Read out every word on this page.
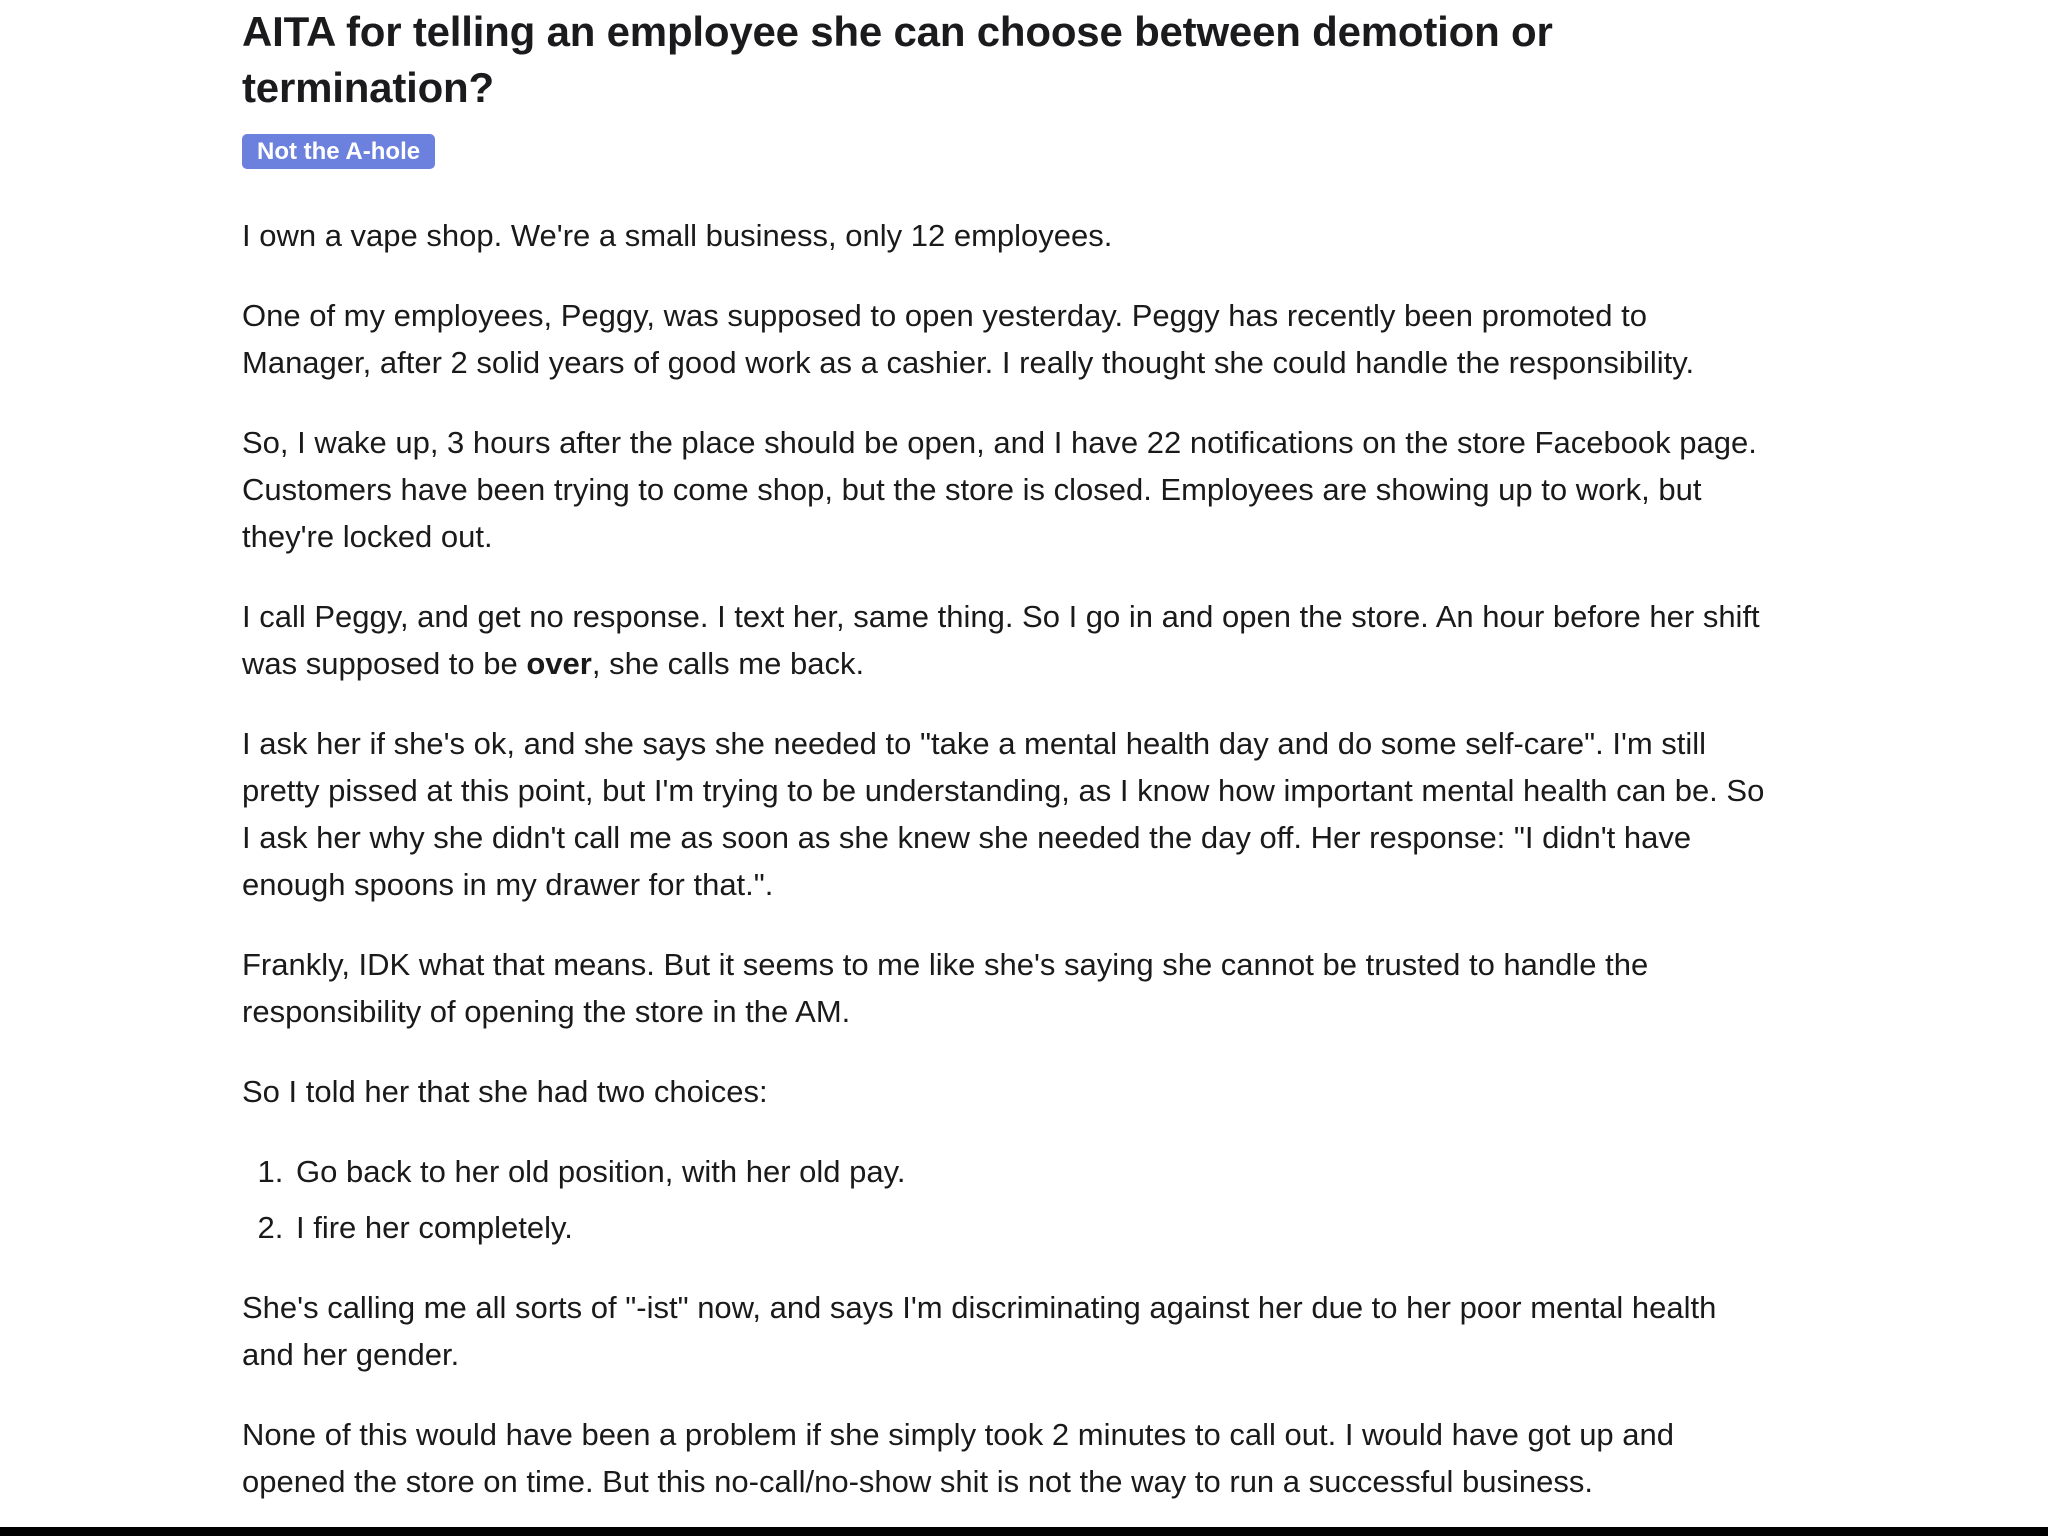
AITA for telling an employee she can choose between demotion or termination?
Not the A-hole

I own a vape shop. We're a small business, only 12 employees.

One of my employees, Peggy, was supposed to open yesterday. Peggy has recently been promoted to Manager, after 2 solid years of good work as a cashier. I really thought she could handle the responsibility.

So, I wake up, 3 hours after the place should be open, and I have 22 notifications on the store Facebook page. Customers have been trying to come shop, but the store is closed. Employees are showing up to work, but they're locked out.

I call Peggy, and get no response. I text her, same thing. So I go in and open the store. An hour before her shift was supposed to be over, she calls me back.

I ask her if she's ok, and she says she needed to "take a mental health day and do some self-care". I'm still pretty pissed at this point, but I'm trying to be understanding, as I know how important mental health can be. So I ask her why she didn't call me as soon as she knew she needed the day off. Her response: "I didn't have enough spoons in my drawer for that.".

Frankly, IDK what that means. But it seems to me like she's saying she cannot be trusted to handle the responsibility of opening the store in the AM.

So I told her that she had two choices:

1. Go back to her old position, with her old pay.
2. I fire her completely.

She's calling me all sorts of "-ist" now, and says I'm discriminating against her due to her poor mental health and her gender.

None of this would have been a problem if she simply took 2 minutes to call out. I would have got up and opened the store on time. But this no-call/no-show shit is not the way to run a successful business.
